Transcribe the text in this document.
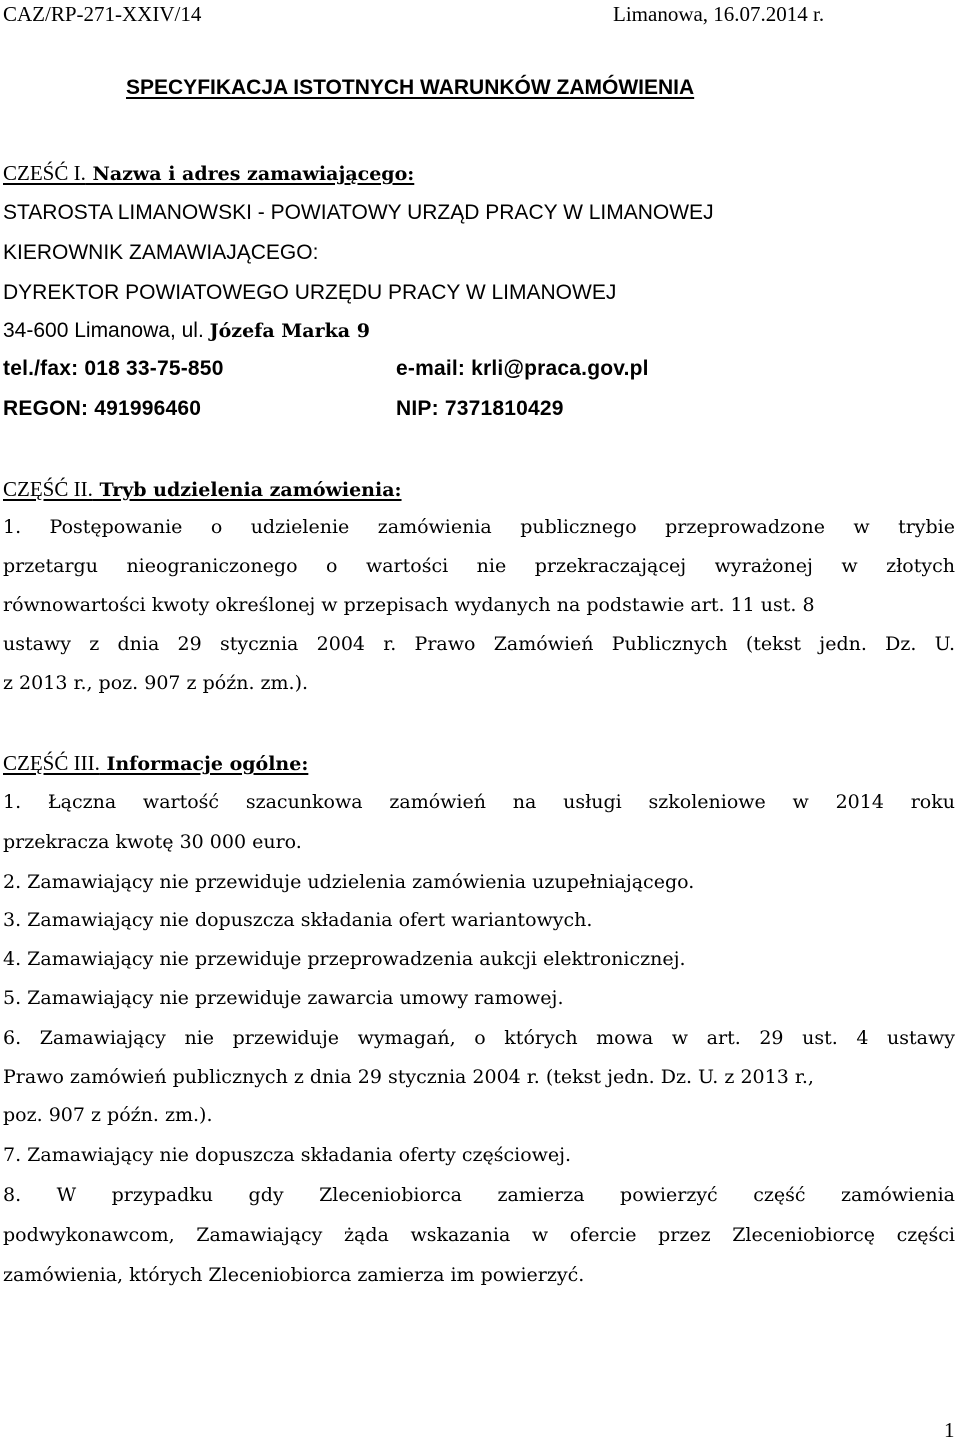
CAZ/RP-271-XXIV/14	Limanowa, 16.07.2014 r.
SPECYFIKACJA ISTOTNYCH WARUNKÓW ZAMÓWIENIA
CZEŚĆ I. Nazwa i adres zamawiającego:
STAROSTA LIMANOWSKI - POWIATOWY URZĄD PRACY W LIMANOWEJ
KIEROWNIK ZAMAWIAJĄCEGO:
DYREKTOR POWIATOWEGO URZĘDU PRACY W LIMANOWEJ
34-600 Limanowa, ul. Józefa Marka 9
tel./fax: 018 33-75-850	e-mail: krli@praca.gov.pl
REGON: 491996460	NIP: 7371810429
CZĘŚĆ II. Tryb udzielenia zamówienia:
1. Postępowanie o udzielenie zamówienia publicznego przeprowadzone w trybie
przetargu nieograniczonego o wartości nie przekraczającej wyrażonej w złotych
równowartości kwoty określonej w przepisach wydanych na podstawie art. 11 ust. 8
ustawy z dnia 29 stycznia 2004 r. Prawo Zamówień Publicznych (tekst jedn. Dz. U.
z 2013 r., poz. 907 z późn. zm.).
CZĘŚĆ III. Informacje ogólne:
1. Łączna wartość szacunkowa zamówień na usługi szkoleniowe w 2014 roku
przekracza kwotę 30 000 euro.
2. Zamawiający nie przewiduje udzielenia zamówienia uzupełniającego.
3. Zamawiający nie dopuszcza składania ofert wariantowych.
4. Zamawiający nie przewiduje przeprowadzenia aukcji elektronicznej.
5. Zamawiający nie przewiduje zawarcia umowy ramowej.
6. Zamawiający nie przewiduje wymagań, o których mowa w art. 29 ust. 4 ustawy
Prawo zamówień publicznych z dnia 29 stycznia 2004 r. (tekst jedn. Dz. U. z 2013 r.,
poz. 907 z późn. zm.).
7. Zamawiający nie dopuszcza składania oferty częściowej.
8. W przypadku gdy Zleceniobiorca zamierza powierzyć część zamówienia
podwykonawcom, Zamawiający żąda wskazania w ofercie przez Zleceniobiorcę części
zamówienia, których Zleceniobiorca zamierza im powierzyć.
1
